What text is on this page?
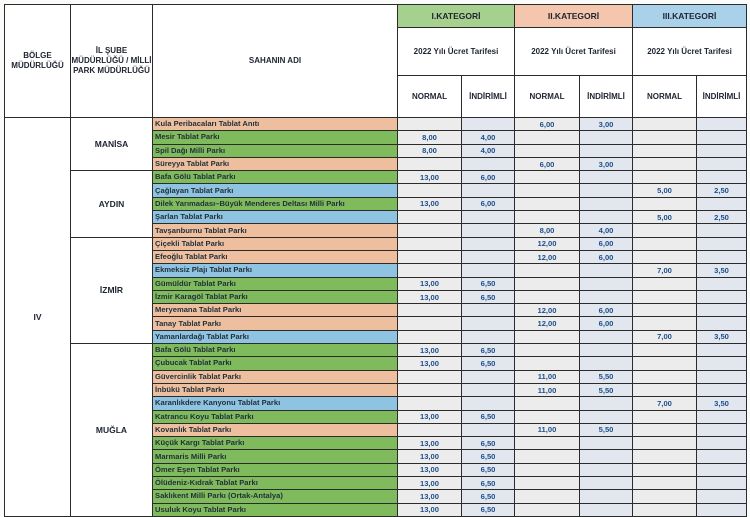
BÖLGE MÜDÜRLÜĞÜ	İL ŞUBE MÜDÜRLÜĞÜ / MİLLİ PARK MÜDÜRLÜĞÜ	SAHANIN ADI	I.KATEGORİ		II.KATEGORİ		III.KATEGORİ	
			2022 Yılı Ücret Tarifesi		2022 Yılı Ücret Tarifesi		2022 Yılı Ücret Tarifesi	
			NORMAL	İNDİRİMLİ	NORMAL	İNDİRİMLİ	NORMAL	İNDİRİMLİ
IV	MANİSA	Kula Peribacaları Tablat Anıtı			6,00	3,00		
		Mesir Tablat Parkı	8,00	4,00				
		Spil Dağı Milli Parkı	8,00	4,00				
		Süreyya Tablat Parkı			6,00	3,00		
	AYDIN	Bafa Gölü Tablat Parkı	13,00	6,00				
		Çağlayan Tablat Parkı					5,00	2,50
		Dilek Yarımadası–Büyük Menderes Deltası Milli Parkı	13,00	6,00				
		Şarlan Tablat Parkı					5,00	2,50
		Tavşanburnu Tablat Parkı			8,00	4,00		
	İZMİR	Çiçekli Tablat Parkı			12,00	6,00		
		Efeoğlu Tablat Parkı			12,00	6,00		
		Ekmeksiz Plajı Tablat Parkı					7,00	3,50
		Gümüldür Tablat Parkı	13,00	6,50				
		İzmir Karagöl Tablat Parkı	13,00	6,50				
		Meryemana Tablat Parkı			12,00	6,00		
		Tanay Tablat Parkı			12,00	6,00		
		Yamanlardağı Tablat Parkı					7,00	3,50
	MUĞLA	Bafa Gölü Tablat Parkı	13,00	6,50				
		Çubucak Tablat Parkı	13,00	6,50				
		Güvercinlik Tablat Parkı			11,00	5,50		
		İnbükü Tablat Parkı			11,00	5,50		
		Karanlıkdere Kanyonu Tablat Parkı					7,00	3,50
		Katrancu Koyu Tablat Parkı	13,00	6,50				
		Kovanlık Tablat Parkı			11,00	5,50		
		Küçük Kargı Tablat Parkı	13,00	6,50				
		Marmaris Milli Parkı	13,00	6,50				
		Ömer Eşen Tablat Parkı	13,00	6,50				
		Ölüdeniz-Kıdrak Tablat Parkı	13,00	6,50				
		Saklıkent Milli Parkı (Ortak-Antalya)	13,00	6,50				
		Usuluk Koyu Tablat Parkı	13,00	6,50				
